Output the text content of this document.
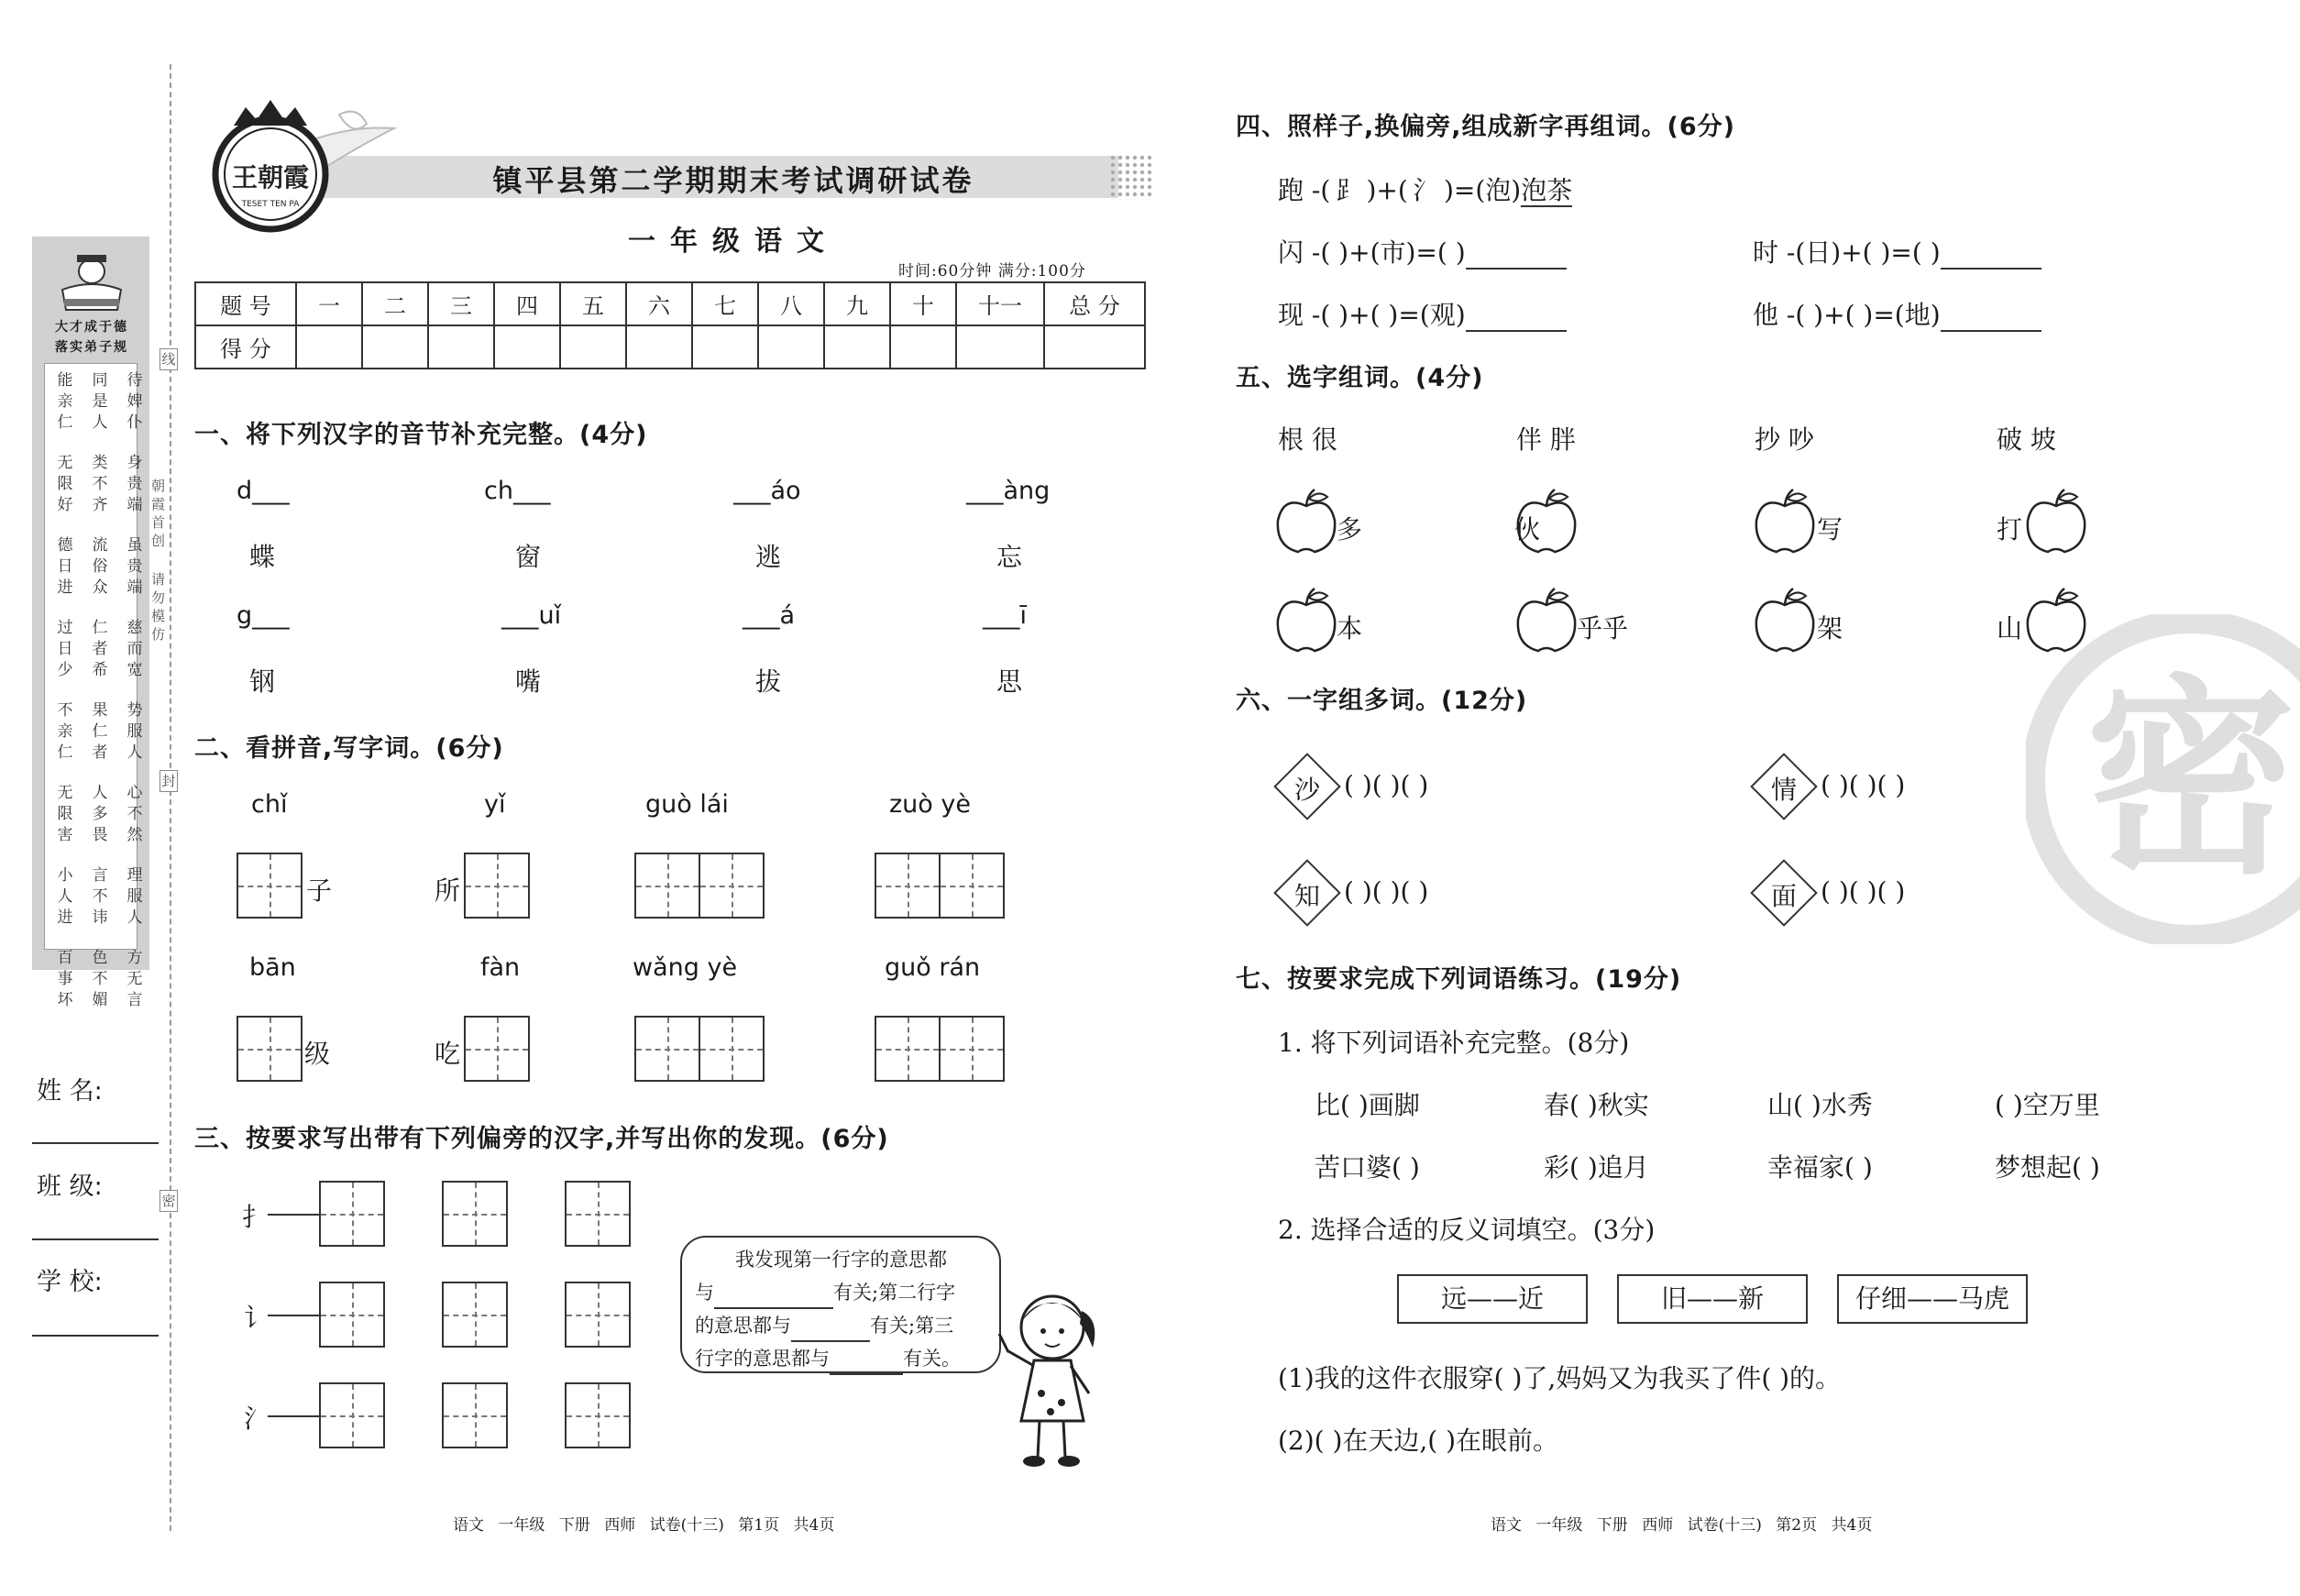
大才成于德
落实弟子规
能亲仁
同是人
待婢仆
无限好
类不齐
身贵端
德日进
流俗众
虽贵端
过日少
仁者希
慈而宽
不亲仁
果仁者
势服人
无限害
人多畏
心不然
小人进
言不讳
理服人
百事坏
色不媚
方无言
线
封
密
朝霞首创
请勿模仿
姓 名:
班 级:
学 校:
王朝霞
TESET TEN PA
镇平县第二学期期末考试调研试卷
一年级语文
时间:60分钟 满分:100分
题 号	一	二	三	四	五	六	七	八	九	十	十一	总 分
得 分												
一、将下列汉字的音节补充完整。(4分)
d___	ch___	___áo	___àng
蝶	窗	逃	忘
g___	___uǐ	___á	___ī
钢	嘴	拔	思
二、看拼音,写字词。(6分)
chǐ	yǐ	guò lái	zuò yè
子	所
bān	fàn	wǎng yè	guǒ rán
级	吃
三、按要求写出带有下列偏旁的汉字,并写出你的发现。(6分)
扌
讠
氵
我发现第一行字的意思都
与	有关;第二行字
的意思都与	有关;第三
行字的意思都与	有关。
语文 一年级 下册 西师 试卷(十三) 第1页 共4页
密
四、照样子,换偏旁,组成新字再组词。(6分)
跑 -( ⻊ )+( 氵 )=(泡)泡茶
闪 -( )+(市)=( )	时 -(日)+( )=( )
现 -( )+( )=(观)	他 -( )+( )=(地)
五、选字组词。(4分)
根 很	伴 胖	抄 吵	破 坡
多	伙	写	打
本	乎乎	架	山
六、一字组多词。(12分)
沙 ( )( )( )	情 ( )( )( )
知 ( )( )( )	面 ( )( )( )
七、按要求完成下列词语练习。(19分)
1. 将下列词语补充完整。(8分)
比( )画脚	春( )秋实	山( )水秀	( )空万里
苦口婆( )	彩( )追月	幸福家( )	梦想起( )
2. 选择合适的反义词填空。(3分)
远——近	旧——新	仔细——马虎
(1)我的这件衣服穿( )了,妈妈又为我买了件( )的。
(2)( )在天边,( )在眼前。
语文 一年级 下册 西师 试卷(十三) 第2页 共4页
